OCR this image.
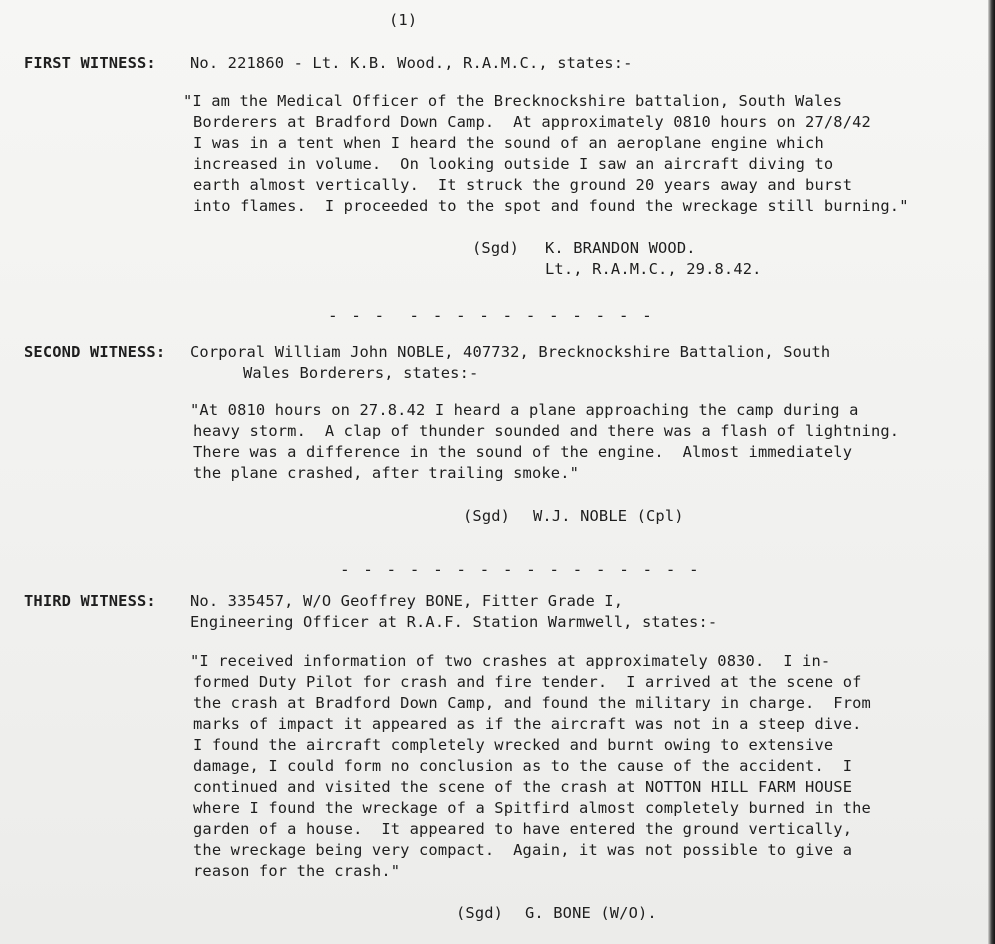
(1)
FIRST WITNESS: No. 221860 - Lt. K.B. Wood., R.A.M.C., states:-
"I am the Medical Officer of the Brecknockshire battalion, South Wales
Borderers at Bradford Down Camp.  At approximately 0810 hours on 27/8/42
I was in a tent when I heard the sound of an aeroplane engine which
increased in volume.  On looking outside I saw an aircraft diving to
earth almost vertically.  It struck the ground 20 years away and burst
into flames.  I proceeded to the spot and found the wreckage still burning."
(Sgd) K. BRANDON WOOD.
Lt., R.A.M.C., 29.8.42.
- - -  - - - - - - - - - - -
SECOND WITNESS: Corporal William John NOBLE, 407732, Brecknockshire Battalion, South
Wales Borderers, states:-
"At 0810 hours on 27.8.42 I heard a plane approaching the camp during a
heavy storm.  A clap of thunder sounded and there was a flash of lightning.
There was a difference in the sound of the engine.  Almost immediately
the plane crashed, after trailing smoke."
(Sgd) W.J. NOBLE (Cpl)
- - - - - - - - - - - - - - - -
THIRD WITNESS: No. 335457, W/O Geoffrey BONE, Fitter Grade I,
Engineering Officer at R.A.F. Station Warmwell, states:-
"I received information of two crashes at approximately 0830.  I in-
formed Duty Pilot for crash and fire tender.  I arrived at the scene of
the crash at Bradford Down Camp, and found the military in charge.  From
marks of impact it appeared as if the aircraft was not in a steep dive.
I found the aircraft completely wrecked and burnt owing to extensive
damage, I could form no conclusion as to the cause of the accident.  I
continued and visited the scene of the crash at NOTTON HILL FARM HOUSE
where I found the wreckage of a Spitfird almost completely burned in the
garden of a house.  It appeared to have entered the ground vertically,
the wreckage being very compact.  Again, it was not possible to give a
reason for the crash."
(Sgd) G. BONE (W/O).
